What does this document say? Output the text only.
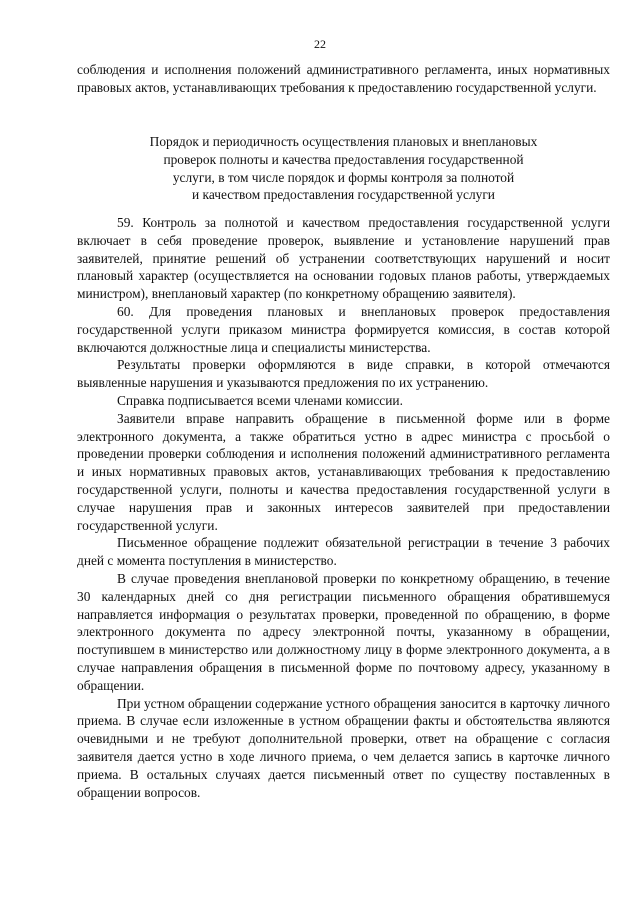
22

соблюдения и исполнения положений административного регламента, иных нормативных правовых актов, устанавливающих требования к предоставлению государственной услуги.

Порядок и периодичность осуществления плановых и внеплановых
проверок полноты и качества предоставления государственной
услуги, в том числе порядок и формы контроля за полнотой
и качеством предоставления государственной услуги

59. Контроль за полнотой и качеством предоставления государственной услуги включает в себя проведение проверок, выявление и установление нарушений прав заявителей, принятие решений об устранении соответствующих нарушений и носит плановый характер (осуществляется на основании годовых планов работы, утверждаемых министром), внеплановый характер (по конкретному обращению заявителя).

60. Для проведения плановых и внеплановых проверок предоставления государственной услуги приказом министра формируется комиссия, в состав которой включаются должностные лица и специалисты министерства.

Результаты проверки оформляются в виде справки, в которой отмечаются выявленные нарушения и указываются предложения по их устранению.

Справка подписывается всеми членами комиссии.

Заявители вправе направить обращение в письменной форме или в форме электронного документа, а также обратиться устно в адрес министра с просьбой о проведении проверки соблюдения и исполнения положений административного регламента и иных нормативных правовых актов, устанавливающих требования к предоставлению государственной услуги, полноты и качества предоставления государственной услуги в случае нарушения прав и законных интересов заявителей при предоставлении государственной услуги.

Письменное обращение подлежит обязательной регистрации в течение 3 рабочих дней с момента поступления в министерство.

В случае проведения внеплановой проверки по конкретному обращению, в течение 30 календарных дней со дня регистрации письменного обращения обратившемуся направляется информация о результатах проверки, проведенной по обращению, в форме электронного документа по адресу электронной почты, указанному в обращении, поступившем в министерство или должностному лицу в форме электронного документа, а в случае направления обращения в письменной форме по почтовому адресу, указанному в обращении.

При устном обращении содержание устного обращения заносится в карточку личного приема. В случае если изложенные в устном обращении факты и обстоятельства являются очевидными и не требуют дополнительной проверки, ответ на обращение с согласия заявителя дается устно в ходе личного приема, о чем делается запись в карточке личного приема. В остальных случаях дается письменный ответ по существу поставленных в обращении вопросов.
